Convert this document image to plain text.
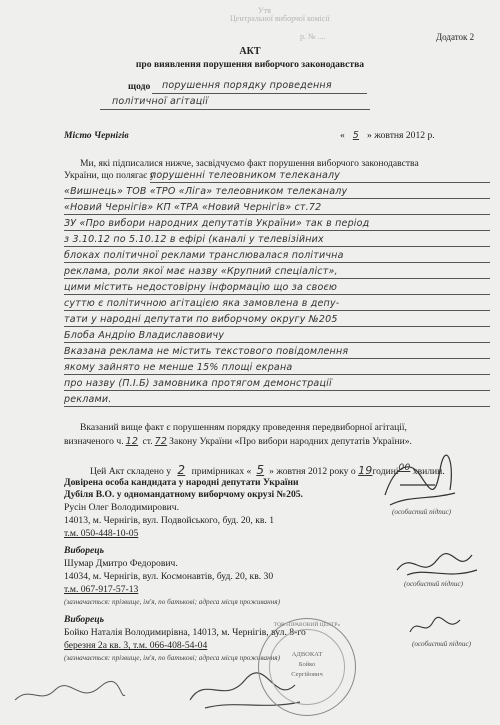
Утв
Центральної виборчої комісії
р. № ....	Додаток 2
АКТ
про виявлення порушення виборчого законодавства
щодо порушення порядку проведення
політичної агітації
Місто Чернігів	« 5 » жовтня 2012 р.
Ми, які підписалися нижче, засвідчуємо факт порушення виборчого законодавства
України, що полягає у
порушенні телеовником телеканалу
«Вишнець» ТОВ «ТРО «Ліга» телеовником телеканалу
«Новий Чернігів» КП «ТРА «Новий Чернігів» ст.72
ЗУ «Про вибори народних депутатів України» так в період
з 3.10.12 по 5.10.12 в ефірі (каналі у телевізійних
блоках політичної реклами транслювалася політична
реклама, роли якої має назву «Крупний спеціаліст»,
цими містить недостовірну інформацію що за своєю
суттю є політичною агітацією яка замовлена в депу-
тати у народні депутати по виборчому округу №205
Блоба Андрію Владиславовичу
Вказана реклама не містить текстового повідомлення
якому зайнято не менше 15% площі екрана
про назву (П.І.Б) замовника протягом демонстрації
реклами.
Вказаний вище факт є порушенням порядку проведення передвиборної агітації,
визначеного ч. 12 ст. 72 Закону України «Про вибори народних депутатів України».
Цей Акт складено у 2 примірниках « 5 » жовтня 2012 року о 19годині00 хвилин.
Довірена особа кандидата у народні депутати України
Дубіля В.О. у одномандатному виборчому окрузі №205.
Русін Олег Володимирович.
14013, м. Чернігів, вул. Подвойського, буд. 20, кв. 1
т.м. 050-448-10-05
Виборець
Шумар Дмитро Федорович.
14034, м. Чернігів, вул. Космонавтів, буд. 20, кв. 30
т.м. 067-917-57-13
(зазначається: прізвище, ім'я, по батькові; адреса місця проживання)
Виборець
Бойко Наталія Володимирівна, 14013, м. Чернігів, вул. 8-го
березня 2а кв. 3, т.м. 066-408-54-04
(зазначається: прізвище, ім'я, по батькові; адреса місця проживання)
(особистий підпис)
(особистий підпис)
(особистий підпис)
ТОВ «ПРАВОВИЙ ЦЕНТР»
АДВОКАТ
Бойко
Сергійович
